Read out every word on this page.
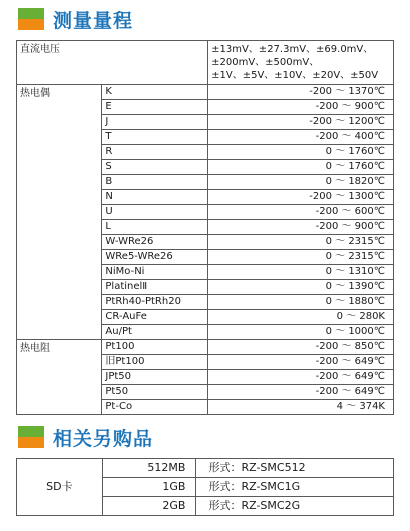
测量量程
直流电压		±13mV、±27.3mV、±69.0mV、
±200mV、±500mV、
±1V、±5V、±10V、±20V、±50V

热电偶	K	-200 ～ 1370℃
	E	-200 ～ 900℃
	J	-200 ～ 1200℃
	T	-200 ～ 400℃
	R	0 ～ 1760℃
	S	0 ～ 1760℃
	B	0 ～ 1820℃
	N	-200 ～ 1300℃
	U	-200 ～ 600℃
	L	-200 ～ 900℃
	W-WRe26	0 ～ 2315℃
	WRe5-WRe26	0 ～ 2315℃
	NiMo-Ni	0 ～ 1310℃
	PlatinelⅡ	0 ～ 1390℃
	PtRh40-PtRh20	0 ～ 1880℃
	CR-AuFe	0 ～ 280K
	Au/Pt	0 ～ 1000℃
热电阻	Pt100	-200 ～ 850℃
	旧Pt100	-200 ～ 649℃
	JPt50	-200 ～ 649℃
	Pt50	-200 ～ 649℃
	Pt-Co	4 ～ 374K
相关另购品
SD卡	512MB	形式：RZ-SMC512
	1GB	形式：RZ-SMC1G
	2GB	形式：RZ-SMC2G
